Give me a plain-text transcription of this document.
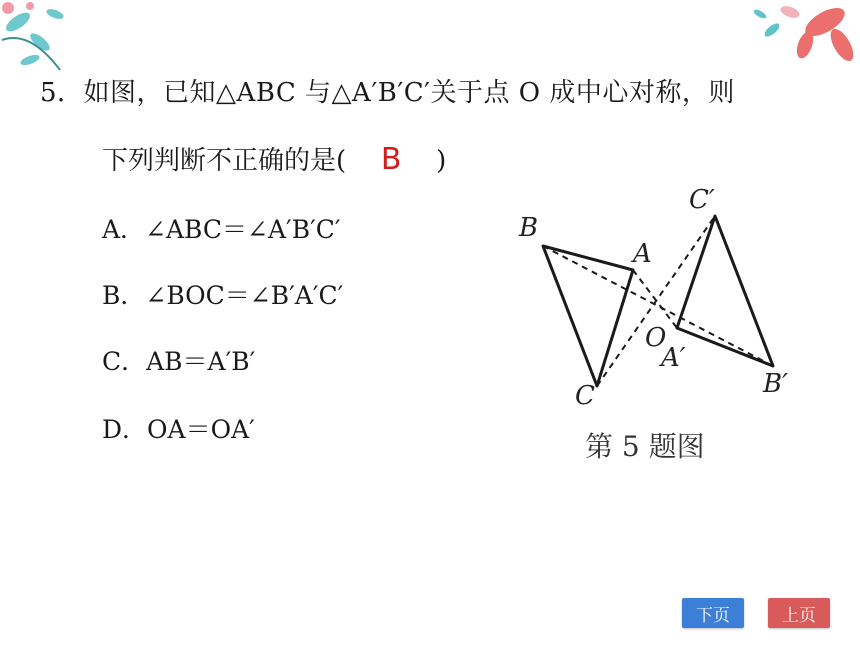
5．如图，已知△ABC 与△A′B′C′关于点 O 成中心对称，则
下列判断不正确的是( B )
A．∠ABC＝∠A′B′C′
B．∠BOC＝∠B′A′C′
C．AB＝A′B′
D．OA＝OA′
B
A
C
O
A′
B′
C′
第 5 题图
下页	上页
